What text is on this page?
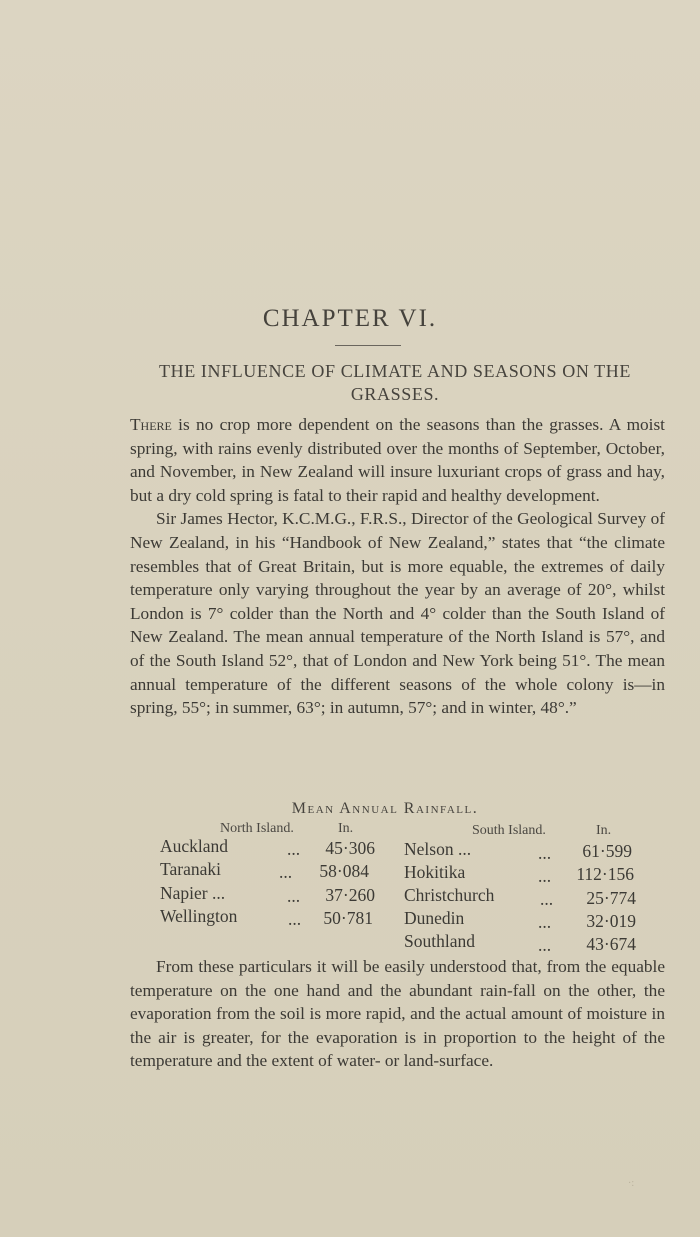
CHAPTER VI.
THE INFLUENCE OF CLIMATE AND SEASONS ON THE GRASSES.

There is no crop more dependent on the seasons than the grasses. A moist spring, with rains evenly distributed over the months of September, October, and November, in New Zealand will insure luxuriant crops of grass and hay, but a dry cold spring is fatal to their rapid and healthy development.

Sir James Hector, K.C.M.G., F.R.S., Director of the Geological Survey of New Zealand, in his “Handbook of New Zealand,” states that “the climate resembles that of Great Britain, but is more equable, the extremes of daily temperature only varying throughout the year by an average of 20°, whilst London is 7° colder than the North and 4° colder than the South Island of New Zealand. The mean annual temperature of the North Island is 57°, and of the South Island 52°, that of London and New York being 51°. The mean annual temperature of the different seasons of the whole colony is—in spring, 55°; in summer, 63°; in autumn, 57°; and in winter, 48°.”

Mean Annual Rainfall.
North Island.	In.	South Island.	In.
Auckland	...	45·306
Taranaki	...	58·084
Napier ...	...	37·260
Wellington	...	50·781
Nelson ...	...	61·599
Hokitika	...	112·156
Christchurch	...	25·774
Dunedin	...	32·019
Southland	...	43·674

From these particulars it will be easily understood that, from the equable temperature on the one hand and the abundant rain-fall on the other, the evaporation from the soil is more rapid, and the actual amount of moisture in the air is greater, for the evaporation is in proportion to the height of the temperature and the extent of water- or land-surface.

·:
